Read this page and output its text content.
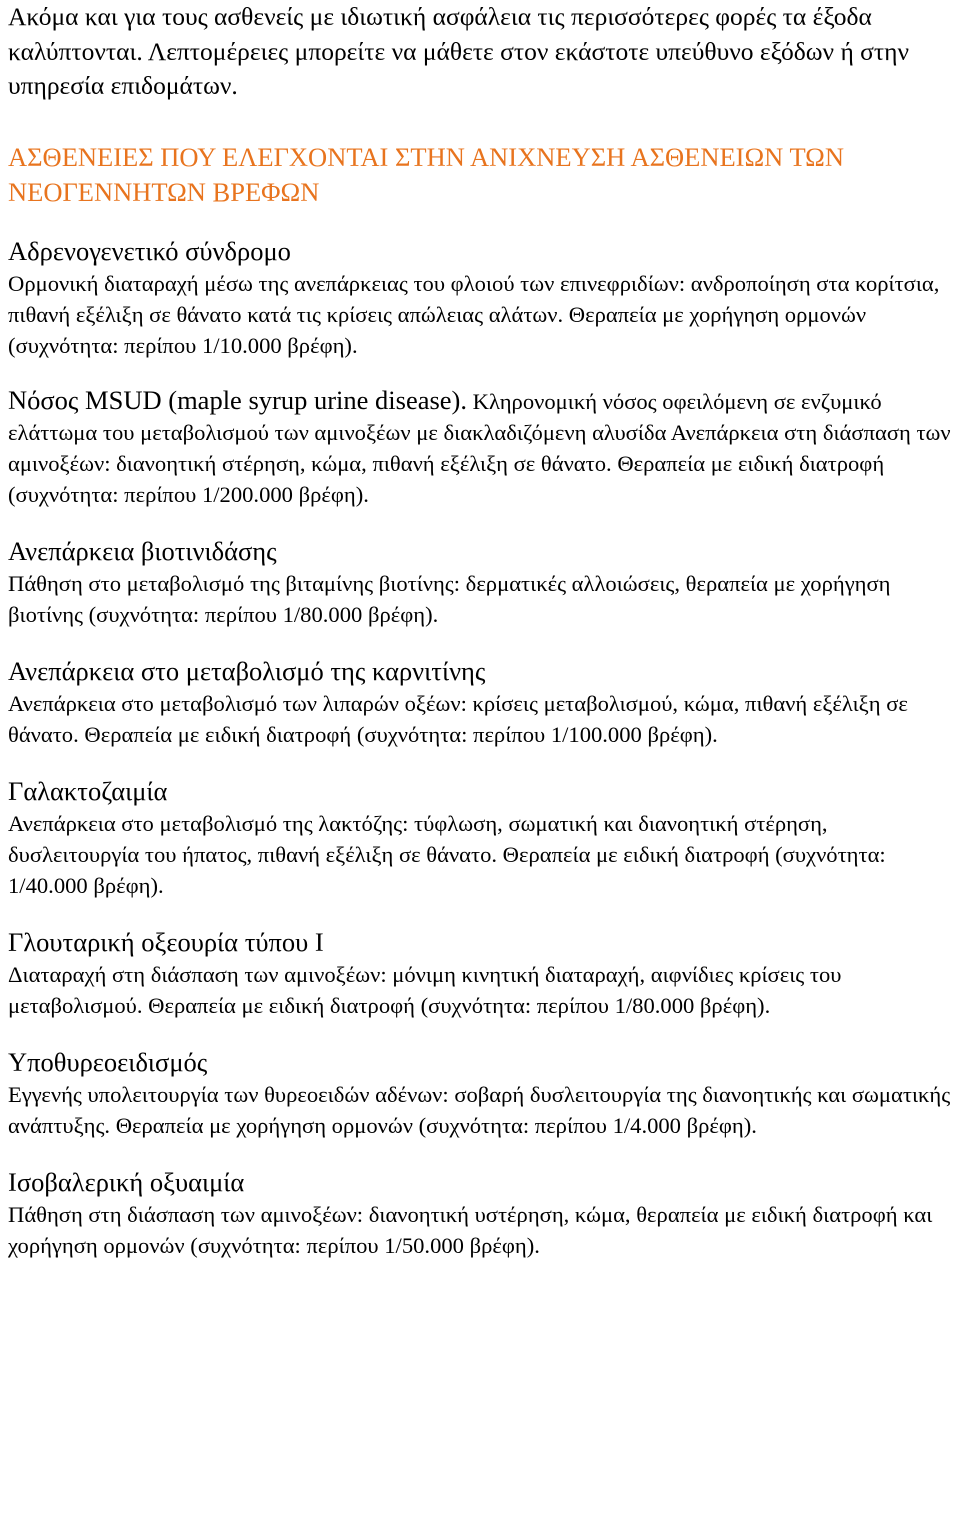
Ακόμα και για τους ασθενείς με ιδιωτική ασφάλεια τις περισσότερες φορές τα έξοδα καλύπτονται. Λεπτομέρειες μπορείτε να μάθετε στον εκάστοτε υπεύθυνο εξόδων ή στην υπηρεσία επιδομάτων.

ΑΣΘΕΝΕΙΕΣ ΠΟΥ ΕΛΕΓΧΟΝΤΑΙ ΣΤΗΝ ΑΝΙΧΝΕΥΣΗ ΑΣΘΕΝΕΙΩΝ ΤΩΝ ΝΕΟΓΕΝΝΗΤΩΝ ΒΡΕΦΩΝ
Αδρενογενετικό σύνδρομο

Ορμονική διαταραχή μέσω της ανεπάρκειας του φλοιού των επινεφριδίων: ανδροποίηση στα κορίτσια, πιθανή εξέλιξη σε θάνατο κατά τις κρίσεις απώλειας αλάτων. Θεραπεία με χορήγηση ορμονών (συχνότητα: περίπου 1/10.000 βρέφη).

Νόσος MSUD (maple syrup urine disease). Κληρονομική νόσος οφειλόμενη σε ενζυμικό ελάττωμα του μεταβολισμού των αμινοξέων με διακλαδιζόμενη αλυσίδα Ανεπάρκεια στη διάσπαση των αμινοξέων: διανοητική στέρηση, κώμα, πιθανή εξέλιξη σε θάνατο. Θεραπεία με ειδική διατροφή (συχνότητα: περίπου 1/200.000 βρέφη).

Ανεπάρκεια βιοτινιδάσης

Πάθηση στο μεταβολισμό της βιταμίνης βιοτίνης: δερματικές αλλοιώσεις, θεραπεία με χορήγηση βιοτίνης (συχνότητα: περίπου 1/80.000 βρέφη).

Ανεπάρκεια στο μεταβολισμό της καρνιτίνης

Ανεπάρκεια στο μεταβολισμό των λιπαρών οξέων: κρίσεις μεταβολισμού, κώμα, πιθανή εξέλιξη σε θάνατο. Θεραπεία με ειδική διατροφή (συχνότητα: περίπου 1/100.000 βρέφη).

Γαλακτοζαιμία

Ανεπάρκεια στο μεταβολισμό της λακτόζης: τύφλωση, σωματική και διανοητική στέρηση, δυσλειτουργία του ήπατος, πιθανή εξέλιξη σε θάνατο. Θεραπεία με ειδική διατροφή (συχνότητα: 1/40.000 βρέφη).

Γλουταρική οξεουρία τύπου Ι

Διαταραχή στη διάσπαση των αμινοξέων: μόνιμη κινητική διαταραχή, αιφνίδιες κρίσεις του μεταβολισμού. Θεραπεία με ειδική διατροφή (συχνότητα: περίπου 1/80.000 βρέφη).

Υποθυρεοειδισμός

Εγγενής υπολειτουργία των θυρεοειδών αδένων: σοβαρή δυσλειτουργία της διανοητικής και σωματικής ανάπτυξης. Θεραπεία με χορήγηση ορμονών (συχνότητα: περίπου 1/4.000 βρέφη).

Ισοβαλερική οξυαιμία

Πάθηση στη διάσπαση των αμινοξέων: διανοητική υστέρηση, κώμα, θεραπεία με ειδική διατροφή και χορήγηση ορμονών (συχνότητα: περίπου 1/50.000 βρέφη).
